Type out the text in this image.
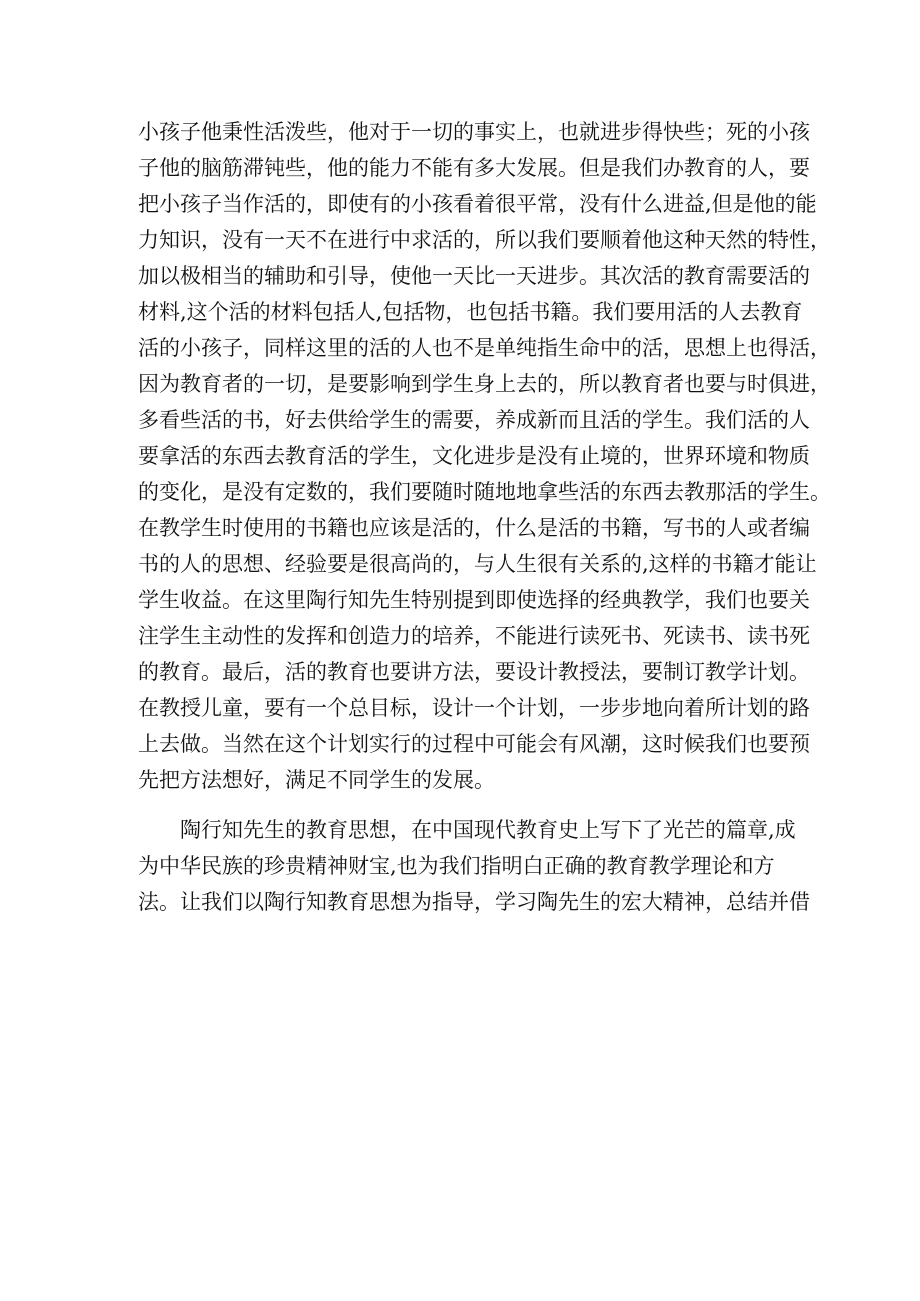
小孩子他秉性活泼些，他对于一切的事实上，也就进步得快些；死的小孩
子他的脑筋滞钝些，他的能力不能有多大发展。但是我们办教育的人，要
把小孩子当作活的，即使有的小孩看着很平常，没有什么进益,但是他的能
力知识，没有一天不在进行中求活的，所以我们要顺着他这种天然的特性，
加以极相当的辅助和引导，使他一天比一天进步。其次活的教育需要活的
材料,这个活的材料包括人,包括物，也包括书籍。我们要用活的人去教育
活的小孩子，同样这里的活的人也不是单纯指生命中的活，思想上也得活，
因为教育者的一切，是要影响到学生身上去的，所以教育者也要与时俱进，
多看些活的书，好去供给学生的需要，养成新而且活的学生。我们活的人
要拿活的东西去教育活的学生，文化进步是没有止境的，世界环境和物质
的变化，是没有定数的，我们要随时随地地拿些活的东西去教那活的学生。
在教学生时使用的书籍也应该是活的，什么是活的书籍，写书的人或者编
书的人的思想、经验要是很高尚的，与人生很有关系的,这样的书籍才能让
学生收益。在这里陶行知先生特别提到即使选择的经典教学，我们也要关
注学生主动性的发挥和创造力的培养，不能进行读死书、死读书、读书死
的教育。最后，活的教育也要讲方法，要设计教授法，要制订教学计划。
在教授儿童，要有一个总目标，设计一个计划，一步步地向着所计划的路
上去做。当然在这个计划实行的过程中可能会有风潮，这时候我们也要预
先把方法想好，满足不同学生的发展。
陶行知先生的教育思想，在中国现代教育史上写下了光芒的篇章,成
为中华民族的珍贵精神财宝,也为我们指明白正确的教育教学理论和方
法。让我们以陶行知教育思想为指导，学习陶先生的宏大精神，总结并借
